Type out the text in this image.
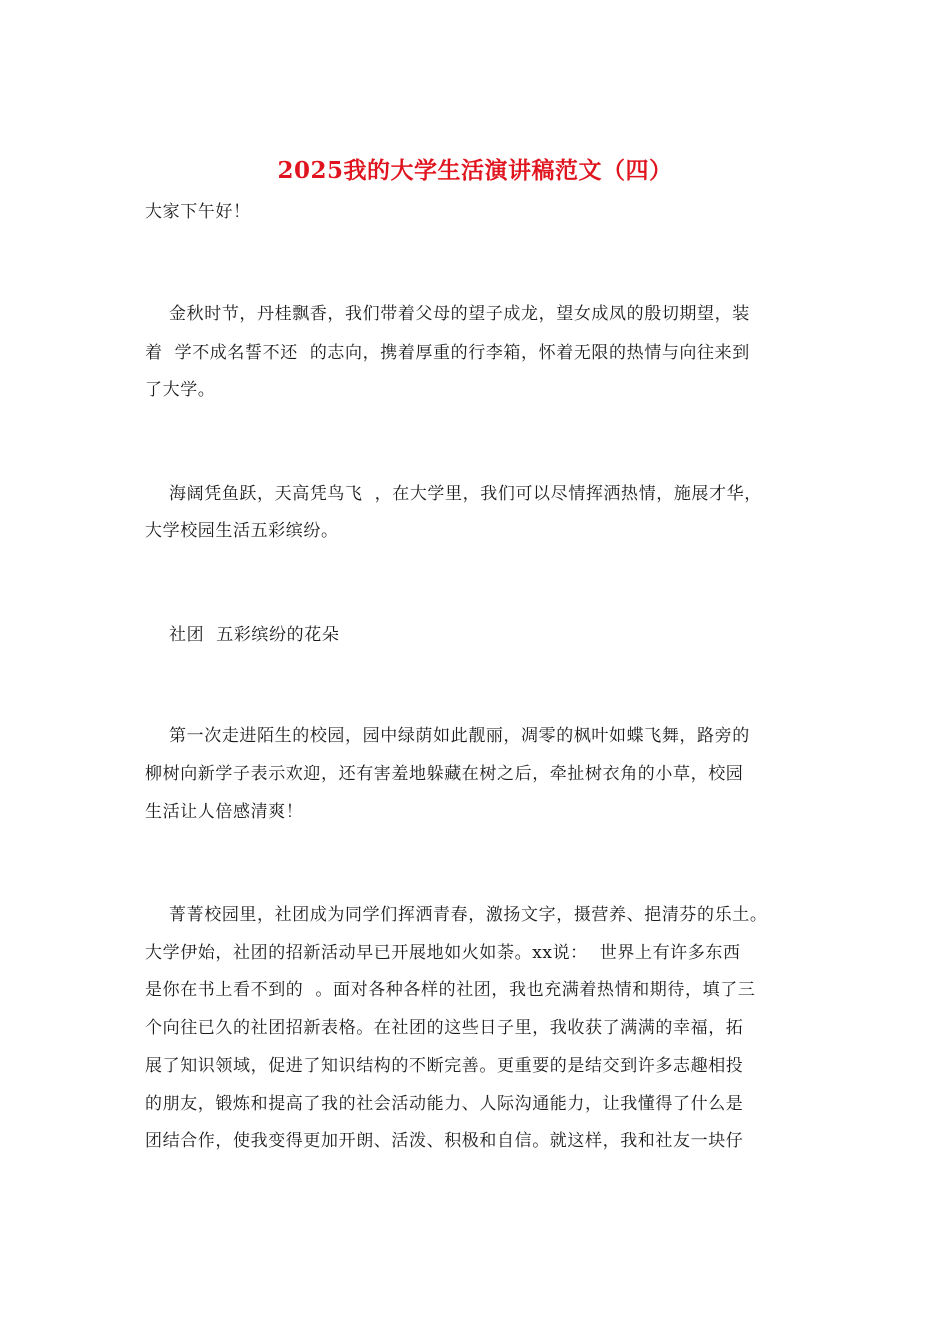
2025我的大学生活演讲稿范文（四）
大家下午好！
金秋时节，丹桂飘香，我们带着父母的望子成龙，望女成凤的殷切期望，装
着  学不成名誓不还  的志向，携着厚重的行李箱，怀着无限的热情与向往来到
了大学。
海阔凭鱼跃，天高凭鸟飞  ，在大学里，我们可以尽情挥洒热情，施展才华，
大学校园生活五彩缤纷。
社团  五彩缤纷的花朵
第一次走进陌生的校园，园中绿荫如此靓丽，凋零的枫叶如蝶飞舞，路旁的
柳树向新学子表示欢迎，还有害羞地躲藏在树之后，牵扯树衣角的小草，校园
生活让人倍感清爽！
菁菁校园里，社团成为同学们挥洒青春，激扬文字，摄营养、挹清芬的乐土。
大学伊始，社团的招新活动早已开展地如火如荼。xx说：  世界上有许多东西
是你在书上看不到的  。面对各种各样的社团，我也充满着热情和期待，填了三
个向往已久的社团招新表格。在社团的这些日子里，我收获了满满的幸福，拓
展了知识领域，促进了知识结构的不断完善。更重要的是结交到许多志趣相投
的朋友，锻炼和提高了我的社会活动能力、人际沟通能力，让我懂得了什么是
团结合作，使我变得更加开朗、活泼、积极和自信。就这样，我和社友一块仔
